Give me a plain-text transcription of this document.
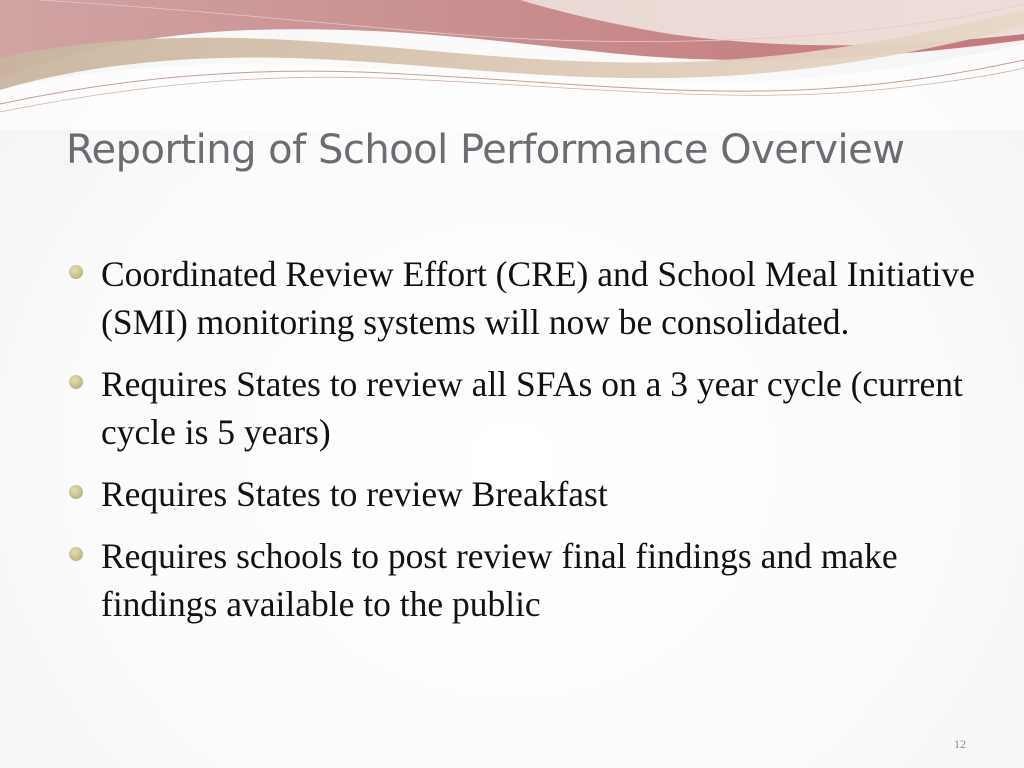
Reporting of School Performance Overview
Coordinated Review Effort (CRE) and School Meal Initiative (SMI) monitoring systems will now be consolidated.
Requires States to review all SFAs on a 3 year cycle (current cycle is 5 years)
Requires States to review Breakfast
Requires schools to post review final findings and make findings available to the public
12
